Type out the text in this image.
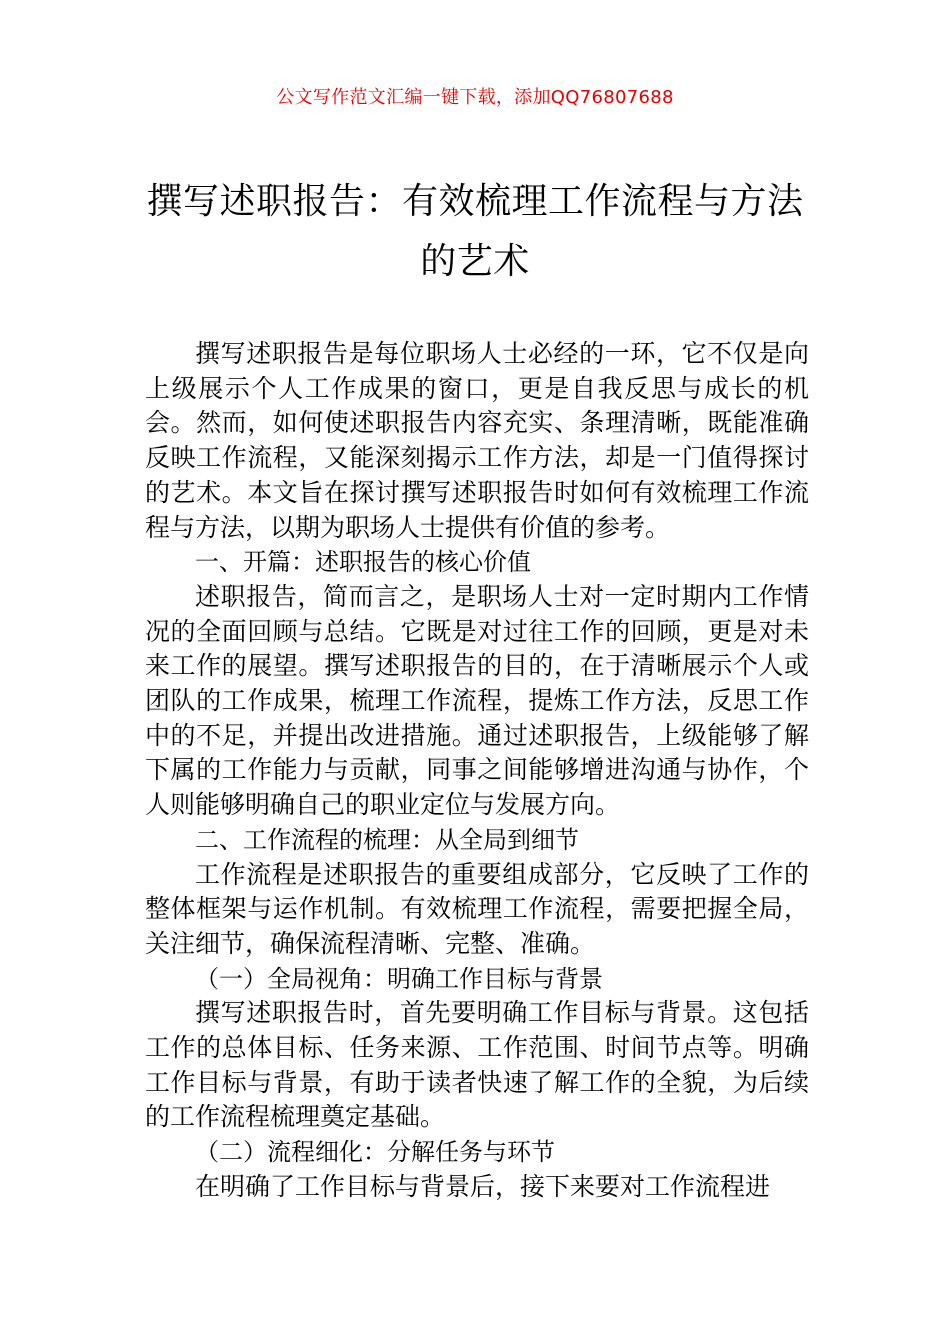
公文写作范文汇编一键下载，添加QQ76807688
撰写述职报告：有效梳理工作流程与方法
的艺术

撰写述职报告是每位职场人士必经的一环，它不仅是向上级展示个人工作成果的窗口，更是自我反思与成长的机会。然而，如何使述职报告内容充实、条理清晰，既能准确反映工作流程，又能深刻揭示工作方法，却是一门值得探讨的艺术。本文旨在探讨撰写述职报告时如何有效梳理工作流程与方法，以期为职场人士提供有价值的参考。

一、开篇：述职报告的核心价值

述职报告，简而言之，是职场人士对一定时期内工作情况的全面回顾与总结。它既是对过往工作的回顾，更是对未来工作的展望。撰写述职报告的目的，在于清晰展示个人或团队的工作成果，梳理工作流程，提炼工作方法，反思工作中的不足，并提出改进措施。通过述职报告，上级能够了解下属的工作能力与贡献，同事之间能够增进沟通与协作，个人则能够明确自己的职业定位与发展方向。

二、工作流程的梳理：从全局到细节

工作流程是述职报告的重要组成部分，它反映了工作的整体框架与运作机制。有效梳理工作流程，需要把握全局，关注细节，确保流程清晰、完整、准确。

（一）全局视角：明确工作目标与背景

撰写述职报告时，首先要明确工作目标与背景。这包括工作的总体目标、任务来源、工作范围、时间节点等。明确工作目标与背景，有助于读者快速了解工作的全貌，为后续的工作流程梳理奠定基础。

（二）流程细化：分解任务与环节

在明确了工作目标与背景后，接下来要对工作流程进
